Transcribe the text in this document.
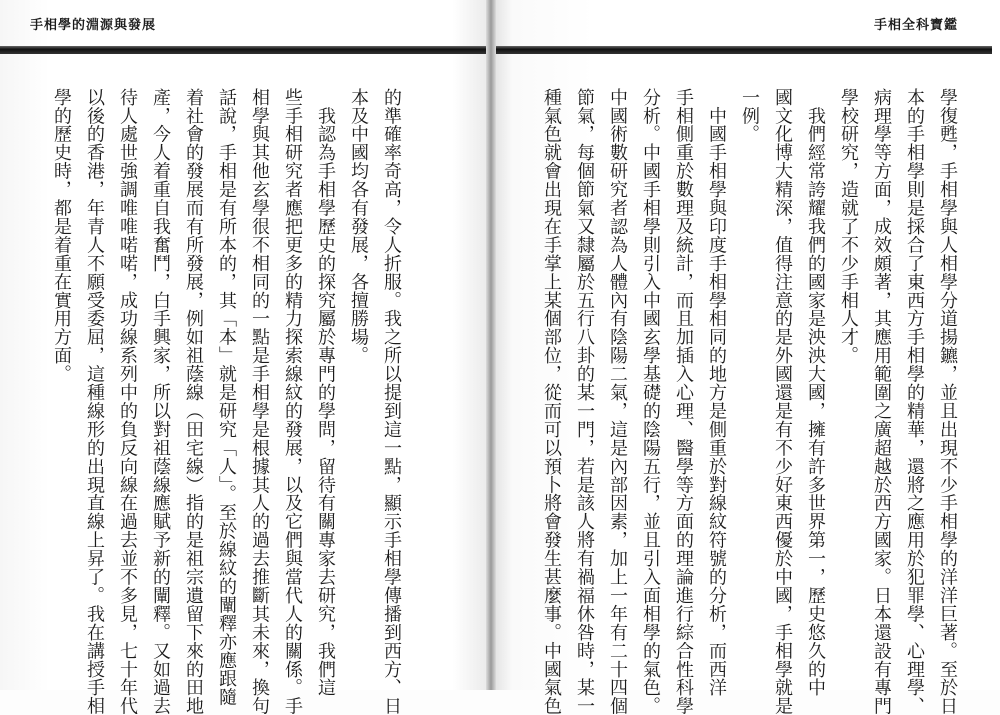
手相學的淵源與發展
的準確率奇高，令人折服。我之所以提到這一點，顯示手相學傳播到西方、日
本及中國均各有發展，各擅勝場。
　我認為手相學歷史的探究屬於專門的學問，留待有關專家去研究，我們這
些手相研究者應把更多的精力探索線紋的發展，以及它們與當代人的關係。手
相學與其他玄學很不相同的一點是手相學是根據其人的過去推斷其未來，換句
話說，手相是有所本的，其「本」就是研究「人」。至於線紋的闡釋亦應跟隨
着社會的發展而有所發展，例如祖蔭線（田宅線）指的是祖宗遺留下來的田地
產，今人着重自我奮鬥，白手興家，所以對祖蔭線應賦予新的闡釋。又如過去
待人處世強調唯唯喏喏，成功線系列中的負反向線在過去並不多見，七十年代
以後的香港，年青人不願受委屈，這種線形的出現直線上昇了。我在講授手相
學的歷史時，都是着重在實用方面。
手相全科寶鑑
學復甦，手相學與人相學分道揚鑣，並且出現不少手相學的洋洋巨著。至於日
本的手相學則是採合了東西方手相學的精華，還將之應用於犯罪學、心理學、
病理學等方面，成效頗著，其應用範圍之廣超越於西方國家。日本還設有專門
學校研究，造就了不少手相人才。
　我們經常誇耀我們的國家是泱泱大國，擁有許多世界第一，歷史悠久的中
國文化博大精深，值得注意的是外國還是有不少好東西優於中國，手相學就是
一例。
　中國手相學與印度手相學相同的地方是側重於對線紋符號的分析，而西洋
手相側重於數理及統計，而且加插入心理、醫學等方面的理論進行綜合性科學
分析。中國手相學則引入中國玄學基礎的陰陽五行，並且引入面相學的氣色。
中國術數研究者認為人體內有陰陽二氣，這是內部因素，加上一年有二十四個
節氣，每個節氣又隸屬於五行八卦的某一門，若是該人將有禍福休咎時，某一
種氣色就會出現在手掌上某個部位，從而可以預卜將會發生甚麼事。中國氣色
